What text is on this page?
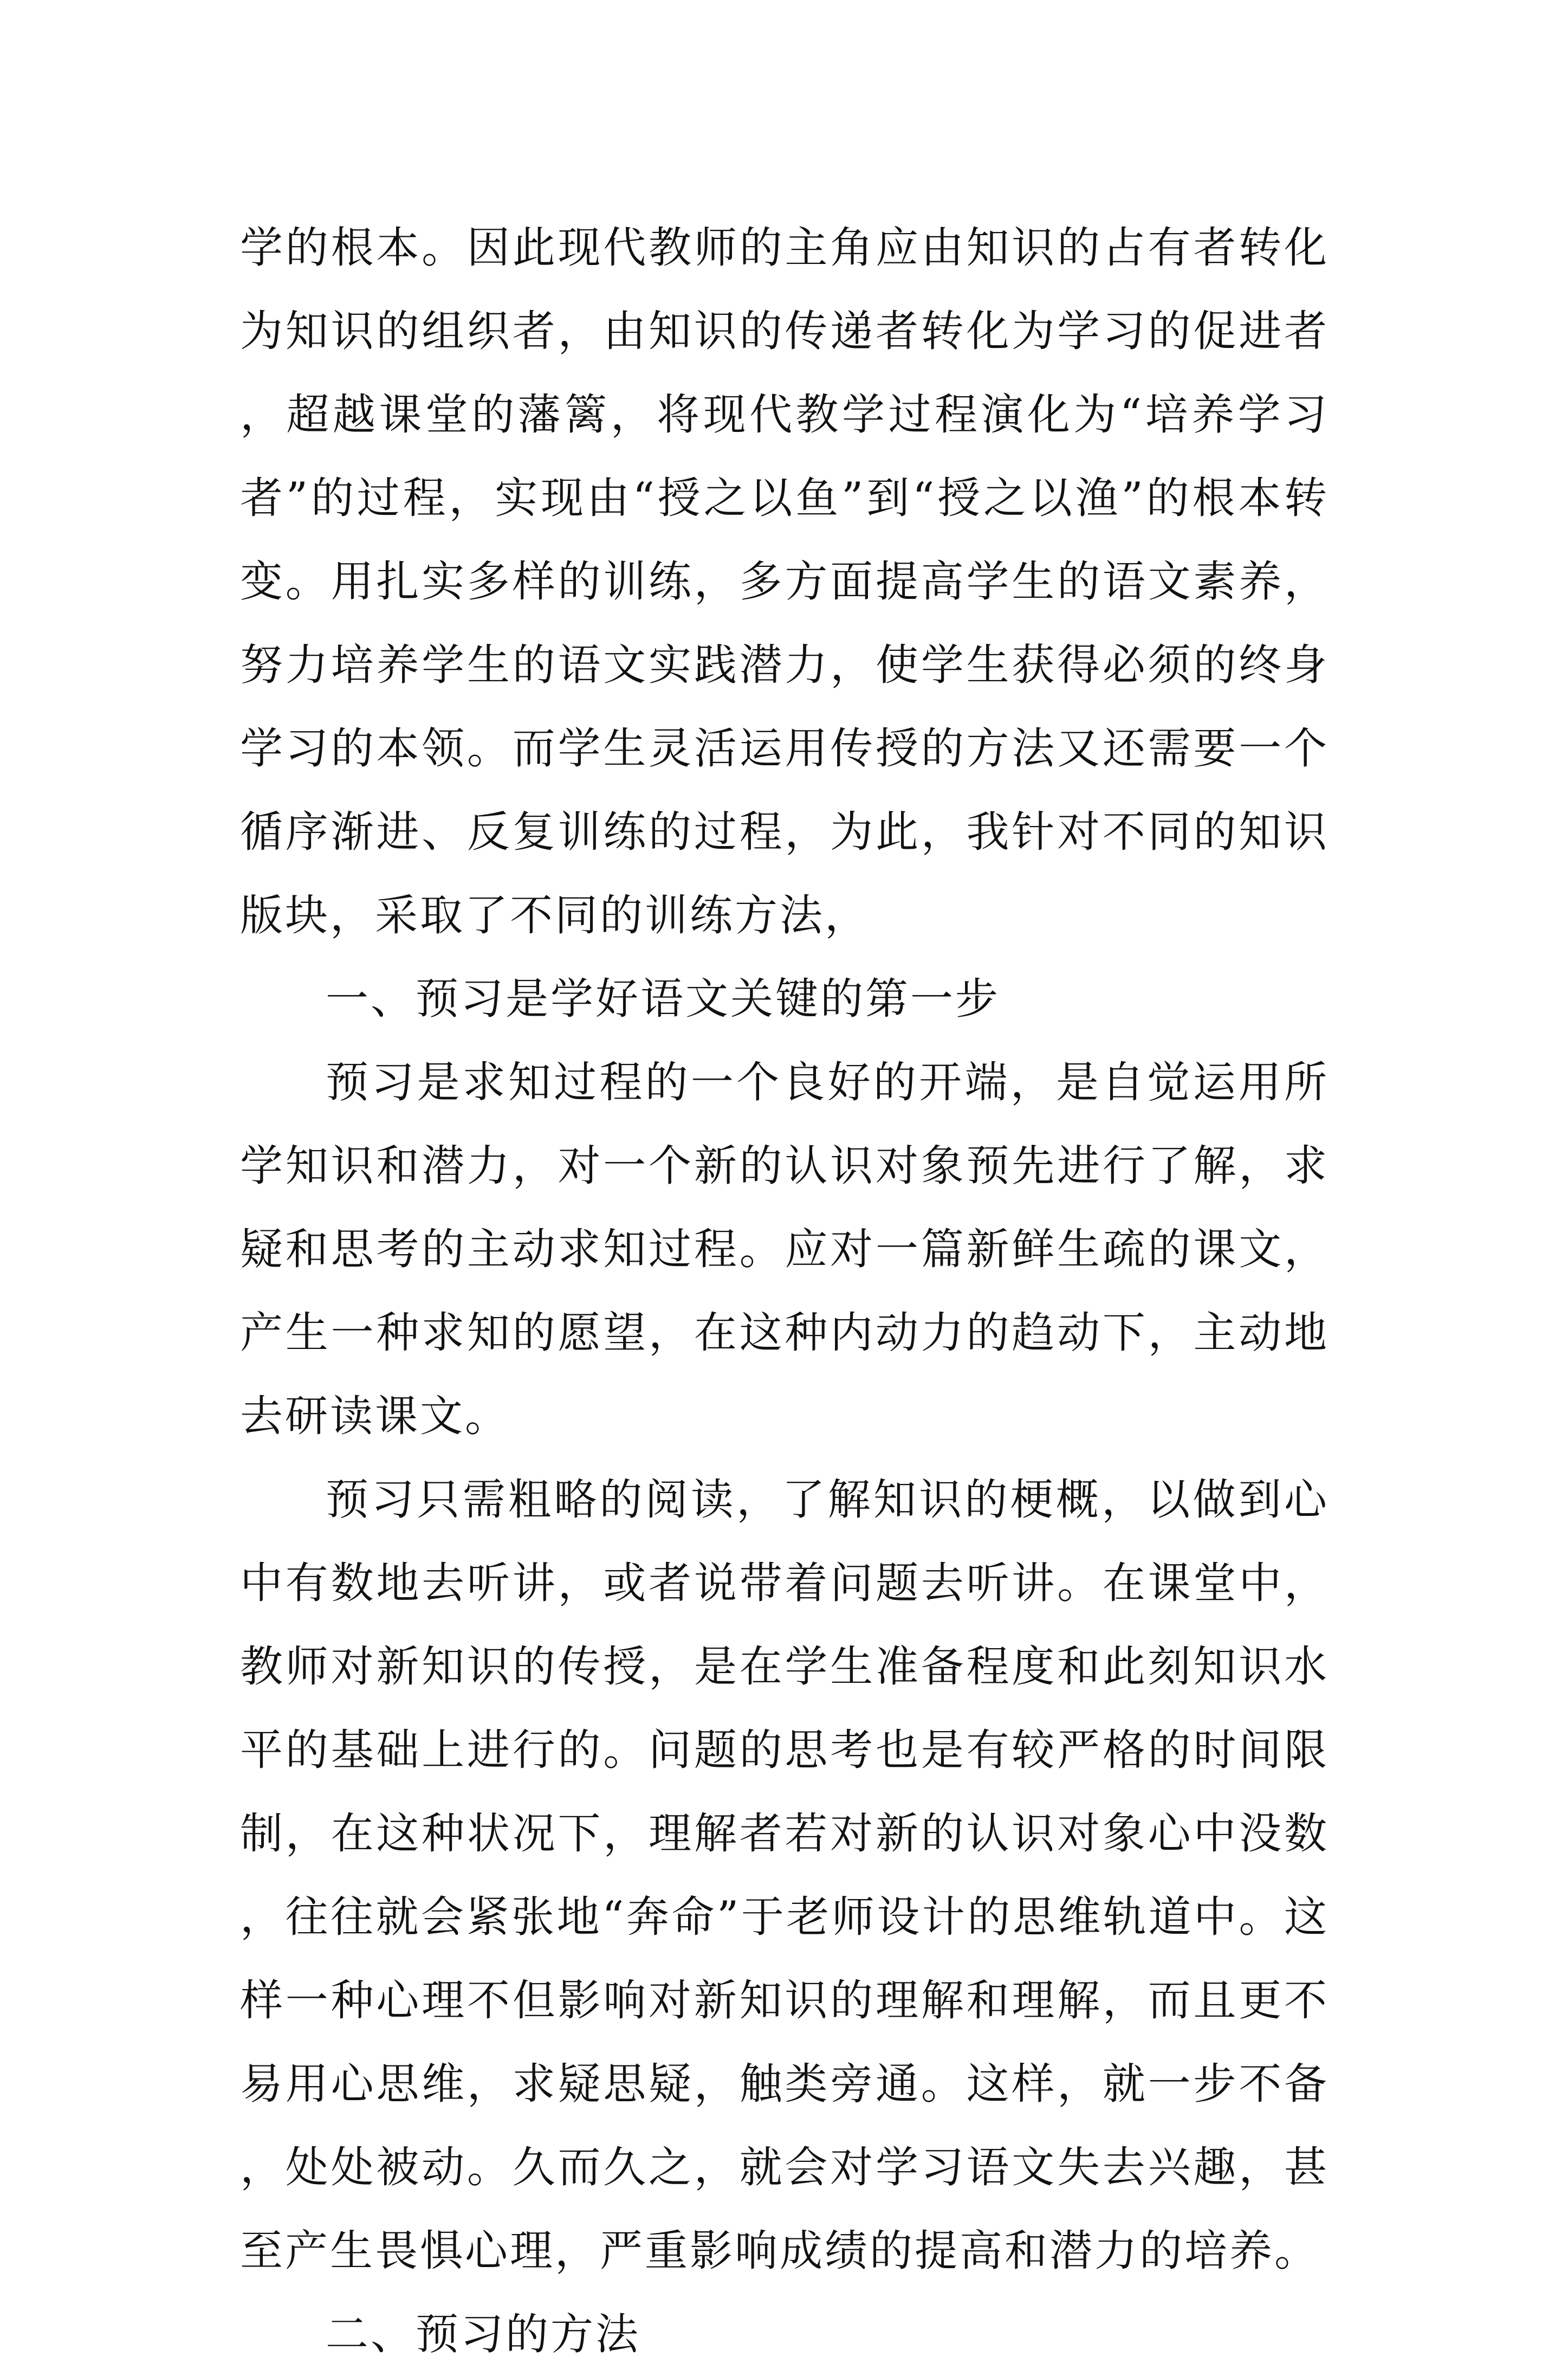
学的根本。因此现代教师的主角应由知识的占有者转化为知识的组织者，由知识的传递者转化为学习的促进者，超越课堂的藩篱，将现代教学过程演化为“培养学习者”的过程，实现由“授之以鱼”到“授之以渔”的根本转变。用扎实多样的训练，多方面提高学生的语文素养，努力培养学生的语文实践潜力，使学生获得必须的终身学习的本领。而学生灵活运用传授的方法又还需要一个循序渐进、反复训练的过程，为此，我针对不同的知识版块，采取了不同的训练方法，

一、预习是学好语文关键的第一步

预习是求知过程的一个良好的开端，是自觉运用所学知识和潜力，对一个新的认识对象预先进行了解，求疑和思考的主动求知过程。应对一篇新鲜生疏的课文，产生一种求知的愿望，在这种内动力的趋动下，主动地去研读课文。

预习只需粗略的阅读，了解知识的梗概，以做到心中有数地去听讲，或者说带着问题去听讲。在课堂中，教师对新知识的传授，是在学生准备程度和此刻知识水平的基础上进行的。问题的思考也是有较严格的时间限制，在这种状况下，理解者若对新的认识对象心中没数，往往就会紧张地“奔命”于老师设计的思维轨道中。这样一种心理不但影响对新知识的理解和理解，而且更不易用心思维，求疑思疑，触类旁通。这样，就一步不备，处处被动。久而久之，就会对学习语文失去兴趣，甚至产生畏惧心理，严重影响成绩的提高和潜力的培养。

二、预习的方法
